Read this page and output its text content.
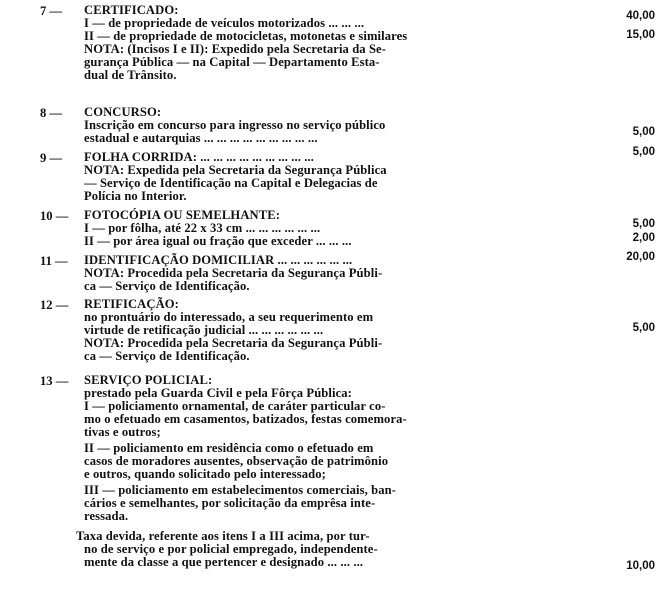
7 — CERTIFICADO:
I — de propriedade de veículos motorizados ... ... ...
II — de propriedade de motocicletas, motonetas e similares
NOTA: (Incisos I e II): Expedido pela Secretaria da Se-
gurança Pública — na Capital — Departamento Esta-
dual de Trânsito.
40,00
15,00
8 — CONCURSO:
Inscrição em concurso para ingresso no serviço público
estadual e autarquias ... ... ... ... ... ... ... ... ...	5,00
9 — FOLHA CORRIDA: ... ... ... ... ... ... ... ... ...
NOTA: Expedida pela Secretaria da Segurança Pública
— Serviço de Identificação na Capital e Delegacias de
Polícia no Interior.
5,00
10 — FOTOCÓPIA OU SEMELHANTE:
I — por fôlha, até 22 x 33 cm ... ... ... ... ... ...
II — por área igual ou fração que exceder ... ... ...
5,00
2,00
11 — IDENTIFICAÇÃO DOMICILIAR ... ... ... ... ... ...
NOTA: Procedida pela Secretaria da Segurança Públi-
ca — Serviço de Identificação.
20,00
12 — RETIFICAÇÃO:
no prontuário do interessado, a seu requerimento em
virtude de retificação judicial ... ... ... ... ... ...
NOTA: Procedida pela Secretaria da Segurança Públi-
ca — Serviço de Identificação.
5,00
13 — SERVIÇO POLICIAL:
prestado pela Guarda Civil e pela Fôrça Pública:
I — policiamento ornamental, de caráter particular co-
mo o efetuado em casamentos, batizados, festas comemora-
tivas e outros;
II — policiamento em residência como o efetuado em
casos de moradores ausentes, observação de patrimônio
e outros, quando solicitado pelo interessado;
III — policiamento em estabelecimentos comerciais, ban-
cários e semelhantes, por solicitação da emprêsa inte-
ressada.
Taxa devida, referente aos itens I a III acima, por tur-
no de serviço e por policial empregado, independente-
mente da classe a que pertencer e designado ... ... ...	10,00
